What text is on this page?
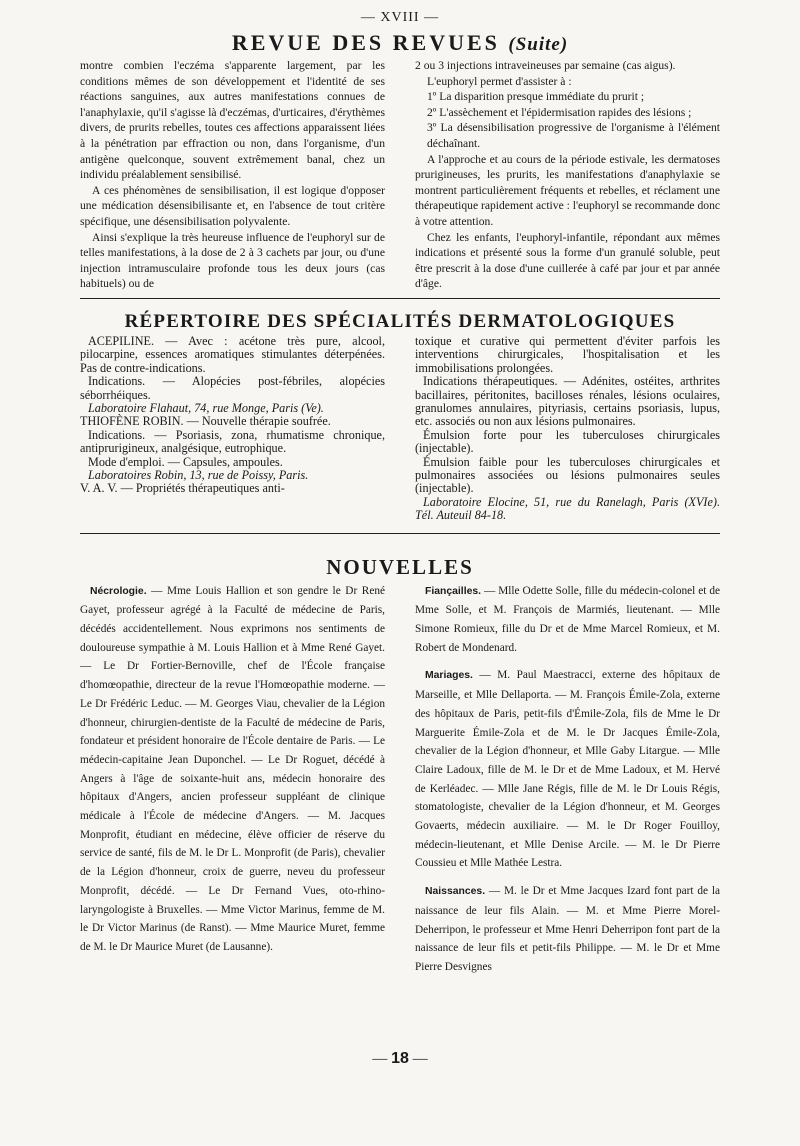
— XVIII —
REVUE DES REVUES (Suite)

montre combien l'eczéma s'apparente largement, par les conditions mêmes de son développement et l'identité de ses réactions sanguines, aux autres manifestations connues de l'anaphylaxie, qu'il s'agisse là d'eczémas, d'urticaires, d'érythèmes divers, de prurits rebelles, toutes ces affections apparaissent liées à la pénétration par effraction ou non, dans l'organisme, d'un antigène quelconque, souvent extrêmement banal, chez un individu préalablement sensibilisé.

A ces phénomènes de sensibilisation, il est logique d'opposer une médication désensibilisante et, en l'absence de tout critère spécifique, une désensibilisation polyvalente.

Ainsi s'explique la très heureuse influence de l'euphoryl sur de telles manifestations, à la dose de 2 à 3 cachets par jour, ou d'une injection intramusculaire profonde tous les deux jours (cas habituels) ou de

2 ou 3 injections intraveineuses par semaine (cas aigus).

L'euphoryl permet d'assister à :

1º La disparition presque immédiate du prurit ;

2º L'assèchement et l'épidermisation rapides des lésions ;

3º La désensibilisation progressive de l'organisme à l'élément déchaînant.

A l'approche et au cours de la période estivale, les dermatoses prurigineuses, les prurits, les manifestations d'anaphylaxie se montrent particulièrement fréquents et rebelles, et réclament une thérapeutique rapidement active : l'euphoryl se recommande donc à votre attention.

Chez les enfants, l'euphoryl-infantile, répondant aux mêmes indications et présenté sous la forme d'un granulé soluble, peut être prescrit à la dose d'une cuillerée à café par jour et par année d'âge.

RÉPERTOIRE DES SPÉCIALITÉS DERMATOLOGIQUES

ACEPILINE. — Avec : acétone très pure, alcool, pilocarpine, essences aromatiques stimulantes déterpénées. Pas de contre-indications.

Indications. — Alopécies post-fébriles, alopécies séborrhéiques.

Laboratoire Flahaut, 74, rue Monge, Paris (Ve).

THIOFÈNE ROBIN. — Nouvelle thérapie soufrée.

Indications. — Psoriasis, zona, rhumatisme chronique, antiprurigineux, analgésique, eutrophique.

Mode d'emploi. — Capsules, ampoules.

Laboratoires Robin, 13, rue de Poissy, Paris.

V. A. V. — Propriétés thérapeutiques anti-

toxique et curative qui permettent d'éviter parfois les interventions chirurgicales, l'hospitalisation et les immobilisations prolongées.

Indications thérapeutiques. — Adénites, ostéites, arthrites bacillaires, péritonites, bacilloses rénales, lésions oculaires, granulomes annulaires, pityriasis, certains psoriasis, lupus, etc. associés ou non aux lésions pulmonaires.

Émulsion forte pour les tuberculoses chirurgicales (injectable).

Émulsion faible pour les tuberculoses chirurgicales et pulmonaires associées ou lésions pulmonaires seules (injectable).

Laboratoire Elocine, 51, rue du Ranelagh, Paris (XVIe). Tél. Auteuil 84-18.

NOUVELLES

Nécrologie. — Mme Louis Hallion et son gendre le Dr René Gayet, professeur agrégé à la Faculté de médecine de Paris, décédés accidentellement. Nous exprimons nos sentiments de douloureuse sympathie à M. Louis Hallion et à Mme René Gayet. — Le Dr Fortier-Bernoville, chef de l'École française d'homœopathie, directeur de la revue l'Homœopathie moderne. — Le Dr Frédéric Leduc. — M. Georges Viau, chevalier de la Légion d'honneur, chirurgien-dentiste de la Faculté de médecine de Paris, fondateur et président honoraire de l'École dentaire de Paris. — Le médecin-capitaine Jean Duponchel. — Le Dr Roguet, décédé à Angers à l'âge de soixante-huit ans, médecin honoraire des hôpitaux d'Angers, ancien professeur suppléant de clinique médicale à l'École de médecine d'Angers. — M. Jacques Monprofit, étudiant en médecine, élève officier de réserve du service de santé, fils de M. le Dr L. Monprofit (de Paris), chevalier de la Légion d'honneur, croix de guerre, neveu du professeur Monprofit, décédé. — Le Dr Fernand Vues, oto-rhino-laryngologiste à Bruxelles. — Mme Victor Marinus, femme de M. le Dr Victor Marinus (de Ranst). — Mme Maurice Muret, femme de M. le Dr Maurice Muret (de Lausanne).

Fiançailles. — Mlle Odette Solle, fille du médecin-colonel et de Mme Solle, et M. François de Marmiés, lieutenant. — Mlle Simone Romieux, fille du Dr et de Mme Marcel Romieux, et M. Robert de Mondenard.

Mariages. — M. Paul Maestracci, externe des hôpitaux de Marseille, et Mlle Dellaporta. — M. François Émile-Zola, externe des hôpitaux de Paris, petit-fils d'Émile-Zola, fils de Mme le Dr Marguerite Émile-Zola et de M. le Dr Jacques Émile-Zola, chevalier de la Légion d'honneur, et Mlle Gaby Litargue. — Mlle Claire Ladoux, fille de M. le Dr et de Mme Ladoux, et M. Hervé de Kerléadec. — Mlle Jane Régis, fille de M. le Dr Louis Régis, stomatologiste, chevalier de la Légion d'honneur, et M. Georges Govaerts, médecin auxiliaire. — M. le Dr Roger Fouilloy, médecin-lieutenant, et Mlle Denise Arcile. — M. le Dr Pierre Coussieu et Mlle Mathée Lestra.

Naissances. — M. le Dr et Mme Jacques Izard font part de la naissance de leur fils Alain. — M. et Mme Pierre Morel-Deherripon, le professeur et Mme Henri Deherripon font part de la naissance de leur fils et petit-fils Philippe. — M. le Dr et Mme Pierre Desvignes

— 18 —
